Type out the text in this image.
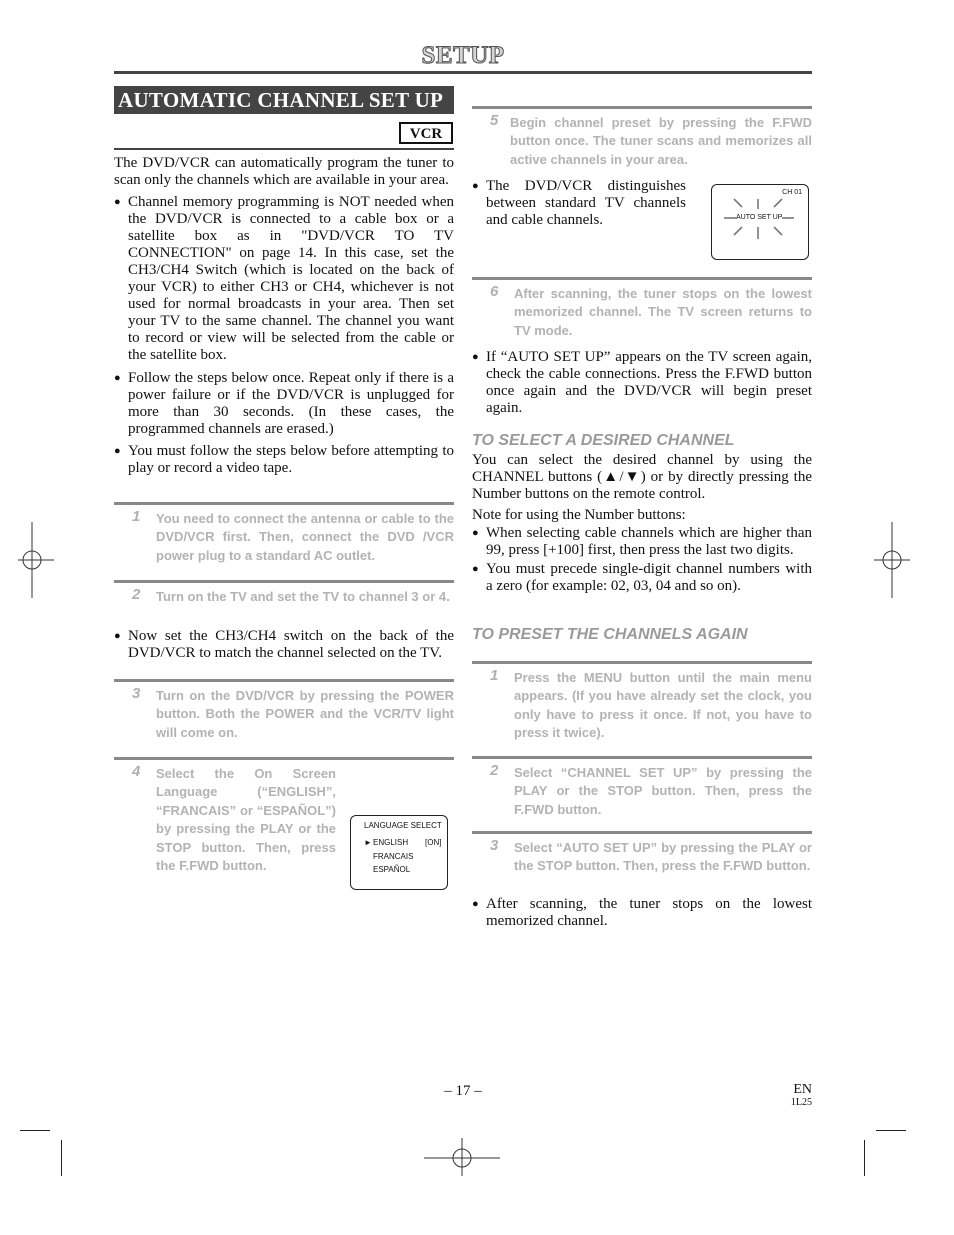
SETUP
AUTOMATIC CHANNEL SET UP
VCR

The DVD/VCR can automatically program the tuner to scan only the channels which are available in your area.

● Channel memory programming is NOT needed when the DVD/VCR is connected to a cable box or a satellite box as in "DVD/VCR TO TV CONNECTION" on page 14. In this case, set the CH3/CH4 Switch (which is located on the back of your VCR) to either CH3 or CH4, whichever is not used for normal broadcasts in your area. Then set your TV to the same channel. The channel you want to record or view will be selected from the cable or the satellite box.
● Follow the steps below once. Repeat only if there is a power failure or if the DVD/VCR is unplugged for more than 30 seconds. (In these cases, the programmed channels are erased.)
● You must follow the steps below before attempting to play or record a video tape.
1 You need to connect the antenna or cable to the DVD/VCR first. Then, connect the DVD /VCR power plug to a standard AC outlet.
2 Turn on the TV and set the TV to channel 3 or 4.
● Now set the CH3/CH4 switch on the back of the DVD/VCR to match the channel selected on the TV.
3 Turn on the DVD/VCR by pressing the POWER button. Both the POWER and the VCR/TV light will come on.
4 Select the On Screen Language (“ENGLISH”, “FRANCAIS” or “ESPAÑOL”) by pressing the PLAY or the STOP button. Then, press the F.FWD button.
LANGUAGE SELECT
► ENGLISH [ON]
FRANCAIS
ESPAÑOL
5 Begin channel preset by pressing the F.FWD button once. The tuner scans and memorizes all active channels in your area.
● The DVD/VCR distinguishes between standard TV channels and cable channels.
CH 01
AUTO SET UP
6 After scanning, the tuner stops on the lowest memorized channel. The TV screen returns to TV mode.
● If “AUTO SET UP” appears on the TV screen again, check the cable connections. Press the F.FWD button once again and the DVD/VCR will begin preset again.
TO SELECT A DESIRED CHANNEL

You can select the desired channel by using the CHANNEL buttons (▲/▼) or by directly pressing the Number buttons on the remote control.

Note for using the Number buttons:

● When selecting cable channels which are higher than 99, press [+100] first, then press the last two digits.
● You must precede single-digit channel numbers with a zero (for example: 02, 03, 04 and so on).
TO PRESET THE CHANNELS AGAIN
1 Press the MENU button until the main menu appears. (If you have already set the clock, you only have to press it once. If not, you have to press it twice).
2 Select “CHANNEL SET UP” by pressing the PLAY or the STOP button. Then, press the F.FWD button.
3 Select “AUTO SET UP” by pressing the PLAY or the STOP button. Then, press the F.FWD button.
● After scanning, the tuner stops on the lowest memorized channel.
– 17 –	EN
1L25
